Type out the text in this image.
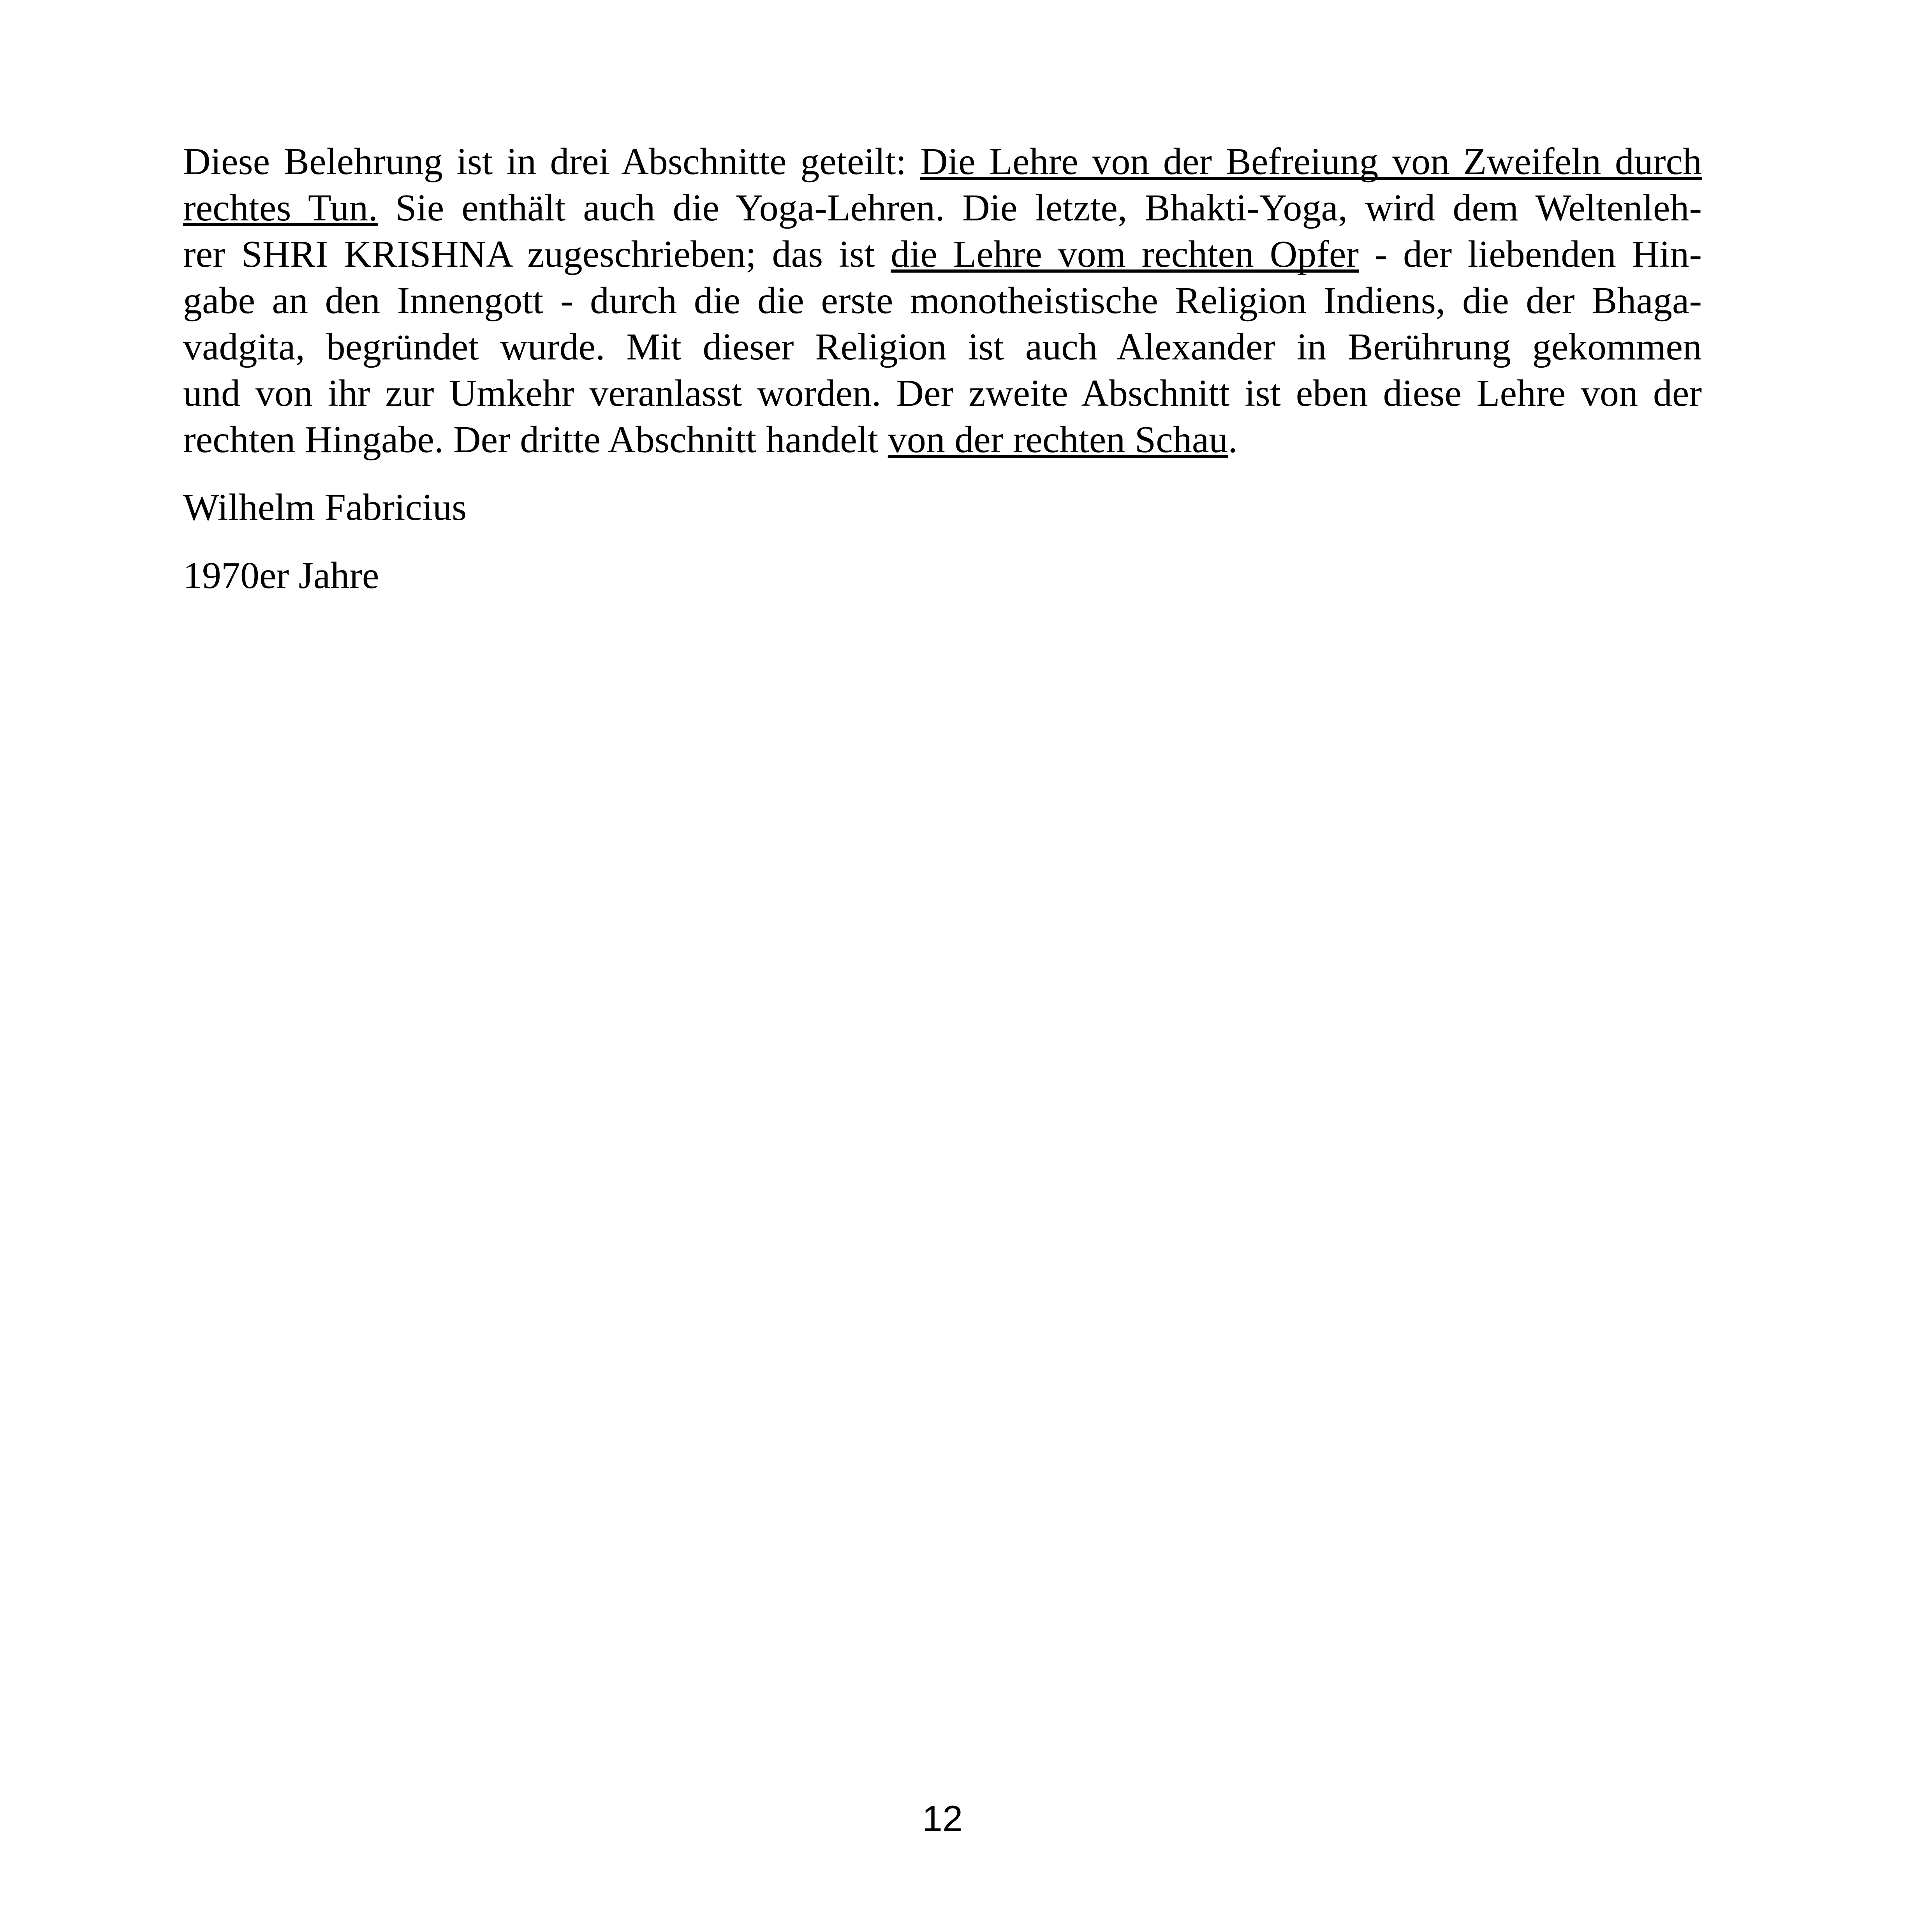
Diese Belehrung ist in drei Abschnitte geteilt: Die Lehre von der Befreiung von Zweifeln durch
rechtes Tun. Sie enthält auch die Yoga-Lehren. Die letzte, Bhakti-Yoga, wird dem Weltenleh-
rer SHRI KRISHNA zugeschrieben; das ist die Lehre vom rechten Opfer - der liebenden Hin-
gabe an den Innengott - durch die die erste monotheistische Religion Indiens, die der Bhaga-
vadgita, begründet wurde. Mit dieser Religion ist auch Alexander in Berührung gekommen
und von ihr zur Umkehr veranlasst worden. Der zweite Abschnitt ist eben diese Lehre von der
rechten Hingabe. Der dritte Abschnitt handelt von der rechten Schau.
Wilhelm Fabricius
1970er Jahre
12
